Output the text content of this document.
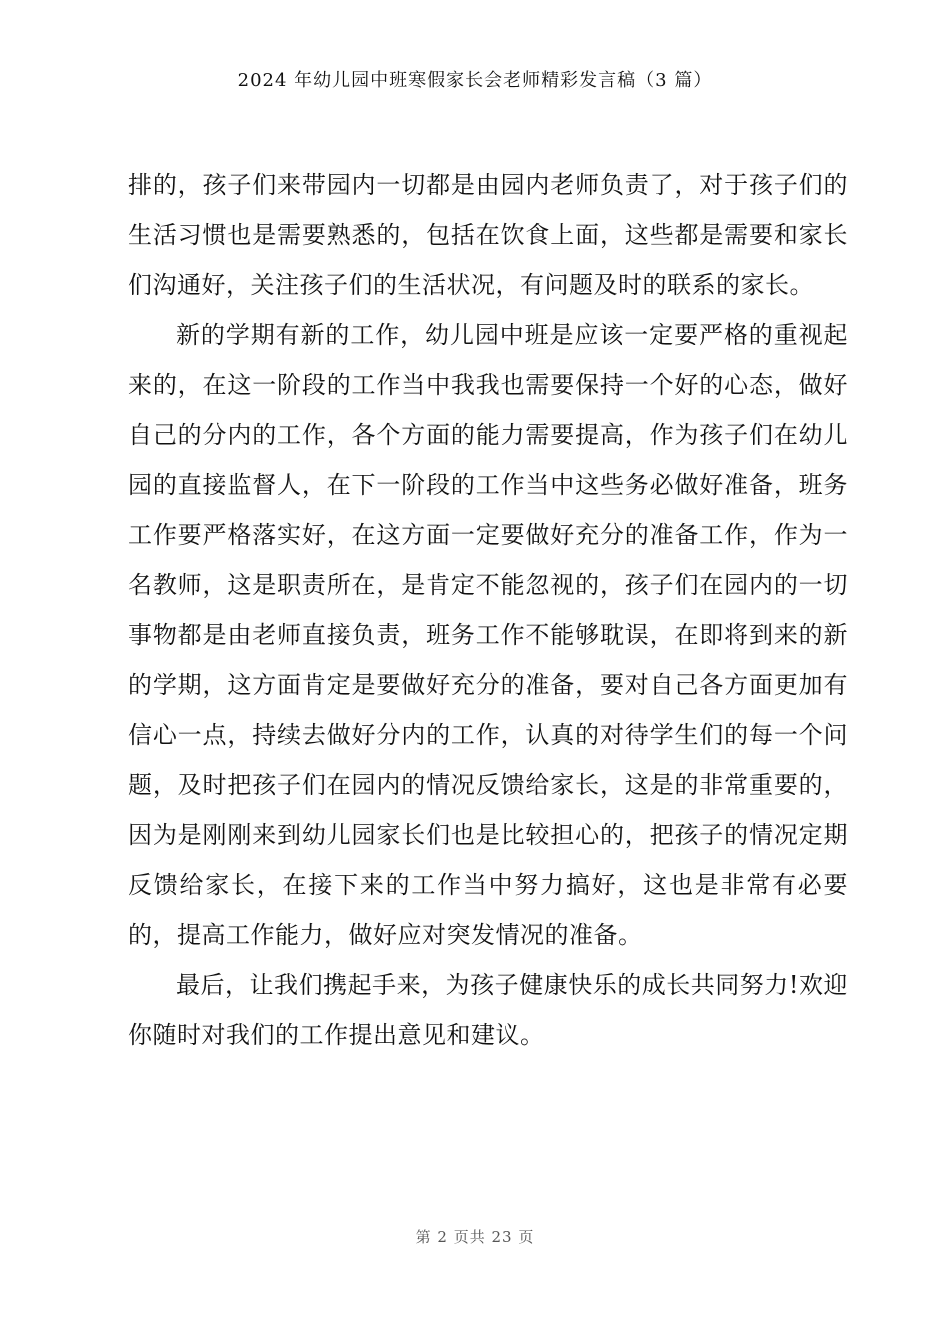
2024 年幼儿园中班寒假家长会老师精彩发言稿（3 篇）

排的，孩子们来带园内一切都是由园内老师负责了，对于孩子们的生活习惯也是需要熟悉的，包括在饮食上面，这些都是需要和家长们沟通好，关注孩子们的生活状况，有问题及时的联系的家长。

新的学期有新的工作，幼儿园中班是应该一定要严格的重视起来的，在这一阶段的工作当中我我也需要保持一个好的心态，做好自己的分内的工作，各个方面的能力需要提高，作为孩子们在幼儿园的直接监督人，在下一阶段的工作当中这些务必做好准备，班务工作要严格落实好，在这方面一定要做好充分的准备工作，作为一名教师，这是职责所在，是肯定不能忽视的，孩子们在园内的一切事物都是由老师直接负责，班务工作不能够耽误，在即将到来的新的学期，这方面肯定是要做好充分的准备，要对自己各方面更加有信心一点，持续去做好分内的工作，认真的对待学生们的每一个问题，及时把孩子们在园内的情况反馈给家长，这是的非常重要的，因为是刚刚来到幼儿园家长们也是比较担心的，把孩子的情况定期反馈给家长，在接下来的工作当中努力搞好，这也是非常有必要的，提高工作能力，做好应对突发情况的准备。

最后，让我们携起手来，为孩子健康快乐的成长共同努力!欢迎你随时对我们的工作提出意见和建议。

第 2 页共 23 页
